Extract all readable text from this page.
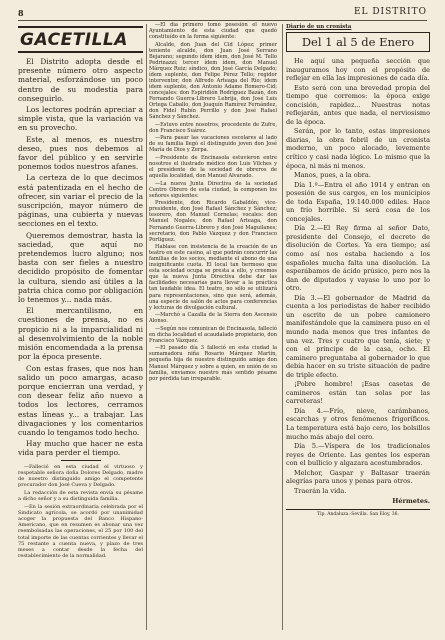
8	EL DISTRITO
GACETILLA

El Distrito adopta desde el presente número otro aspecto material, esforzándose un poco dentro de su modestia para conseguirlo.

Los lectores podrán apreciar a simple vista, que la variación va en su provecho.

Este, al menos, es nuestro deseo, pues nos debemos al favor del público y en servirle ponemos todos nuestros afanes.

La certeza de lo que decimos está patentizada en el hecho de ofrecer, sin variar el precio de la suscripción, mayor número de páginas, una cubierta y nuevas secciones en el texto.

Queremos demostrar, hasta la saciedad, que aquí no pretendemos lucro alguno; nos basta con ser fieles a nuestro decidido propósito de fomentar la cultura, siendo así útiles a la patria chica como por obligación lo tenemos y... nada más.

El mercantilismo, en cuestiones de prensa, no es propicio ni a la imparcialidad ni al desenvolvimiento de la noble misión encomendada a la prensa por la época presente.

Con estas frases, que nos han salido un poco amargas, acaso porque encierran una verdad, y con desear feliz año nuevo a todos los lectores, cerramos estas líneas y... a trabajar. Las divagaciones y los comentarios cuando lo tengamos todo hecho.

Hay mucho que hacer ne esta vida para perder el tiempo.

—Falleció en esta ciudad el virtuoso y respetable señora doña Dolores Delgado, madre de nuestro distinguido amigo el competente procurador don José Cueva y Delgado.

La redacción de esta revista envía su pésame a dicho señor y a su distinguida familia.

—En la sesión extraordinaria celebrada por el Sindicato agrícola, se acordó por unanimidad acoger la propuesta del Banco Hispano-Americano, que en resumen es abonar una vez reembolsadas las operaciones, el 25 por 100 del total importe de las cuentas corrientes y llevar el 75 restante a cuenta nueva, y plazo de tres meses a contar desde la fecha del restablecimiento de la normalidad.

—El día primero tomó posesión el nuevo Ayuntamiento de esta ciudad que quedó constituído en la forma siguiente:

Alcalde, don Juan del Cid López; primer teniente alcalde, don Juan José Serrano Bejarano; segundo ídem ídem, don José M. Tello Pedrinazzi; tercer ídem ídem, don Manuel Márquez Ruiz; síndico, don José García Delgado; ídem suplente, don Felipe Pérez Tello; regidor interventor, don Alfredo Arteaga del Río; ídem ídem suplente, don Antonio Adame Romero-Cid; concejales: don Espiridión Rodríguez Bazán, don Fernando Guerra-Librero Lebrija, don José Luis Ortega Caballo, don Joaquín Ramírez Fernández, don Fidel Rubín Perrillo y don José Rafael Sánchez y Sánchez.

—Estuvo entre nosotros, procedente de Zufre, don Francisco Suárez.

—Para pasar las vacaciones escolares al lado de su familia llegó el distinguido joven don José María de Dios y Zerpa.

—Presidente de Encinasola estuvieron entre nosotros el ilustrado médico don Luis Vilches y el presidente de la sociedad de obreros de aquella localidad, don Manuel Alvarado.

—La nueva Junta Directiva de la sociedad Centro Obrero de esta ciudad, la componen los señores siguientes:

Presidente, don Ricardo Gabaldón; vice-presidente, don José Rafael Sánchez y Sánchez; tesorero, don Manuel Cornelas; vocales: don Manuel Nogales, don Rafael Arteaga, don Fernando Guerra-Librero y don José Maguilanes; secretario, don Pablo Vázquez y don Francisco Portiguez.

Hablase con insistencia de la creación de un teatro en este casino, al que podrán concurrir las familias de los socios, mediante el abono de una insignificante cuota. El local tan hermoso que esta sociedad ocupa se presta a ello, y creemos que la nueva Junta Directiva debe dar las facilidades necesarias para llevar a la práctica tan laudable idea. El teatro, no sólo se utilizará para representaciones, sino que será, además, una especie de salón de actos para conferencias y lecturas de divulgación cultural.

—Marchó a Cazalla de la Sierra don Ascensio Alonso.

—Según nos comunican de Encinasola, falleció en dicha localidad el acaudalado propietario, don Francisco Vázquez.

—El pasado día 3 falleció en esta ciudad la sumamadora niña Rosario Márquez Martín, pequeña hija de nuestro distinguido amigo don Manuel Márquez y sobre a quien, en unión de su familia, enviamos nuestro más sentido pésame por pérdida tan irreparable.

Diario de un cronista
Del 1 al 5 de Enero

He aquí una pequeña sección que inauguramos hoy con el propósito de reflejar en ella las impresiones de cada día.

Esto será con una brevedad propia del tiempo que corremos: la época exige concisión, rapidez... Nuestras notas reflejarán, antes que nada, el nerviosismo de la época.

Serán, por lo tanto, estas impresiones diarias, la obra febril de un cronista moderno, un poco alocado, levemente crítico y casi nada lógico. Lo mismo que la época, ni más ni menos.

Manos, pues, a la obra.

Día 1.º—Entra el año 1914 y entran en posesión de sus cargos, en los municipios de toda España, 19.140.000 ediles. Hace un frío horrible. Si será cosa de los concejales.

Día 2.—El Rey firma al señor Dato, presidente del Consejo, el decreto de disolución de Cortes. Ya era tiempo; así como así nos estaba haciendo a los españoles mucha falta una disolución. La esperábamos de ácido prúsico, pero nos la dan de diputados y vayase lo uno por lo otro.

Día 3.—El gobernador de Madrid da cuenta a los periodistas de haber recibido un escrito de un pobre camionero manifestándole que la caminera puso en el mundo nada menos que tres infantes de una vez. Tres y cuatro que tenía, siete; y con el principe de la casa, ocho. El caminero preguntaba al gobernador lo que debía hacer en su triste situación de padre de triple efecto.

¡Pobre hombre! ¡Esas casetas de camineros están tan solas por las carreteras!

Día 4.—Frío, nieve, carámbanos, escarchas y otros fenómenos frigoríficos. La temperatura está bajo cero, los bolsillos mucho más abajo del cero.

Día 5.—Víspera de los tradicionales reyes de Oriente. Las gentes los esperan con el bullicio y algazara acostumbrados.

Melchor, Gaspar y Baltasar traerán alegrías para unos y penas para otros.

Traerán la vida.

Hérmetes.
Tip. Andaluza.-Sevilla. San Eloy, 36.
